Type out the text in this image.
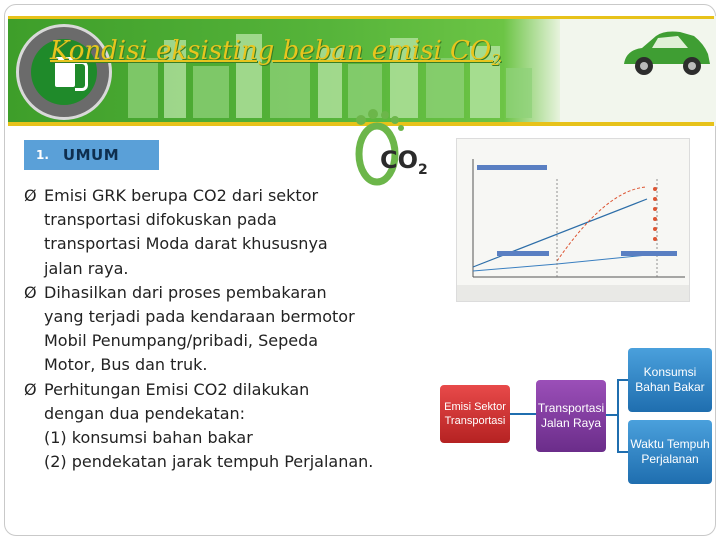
Kondisi eksisting beban emisi $CO_2$
1. UMUM	$CO_2$
Ø Emisi GRK berupa CO2 dari sektor
transportasi difokuskan pada
transportasi Moda darat khususnya
jalan raya.
Ø Dihasilkan dari proses pembakaran
yang terjadi pada kendaraan bermotor
Mobil Penumpang/pribadi, Sepeda
Motor, Bus dan truk.
Ø Perhitungan Emisi CO2 dilakukan
dengan dua pendekatan:
(1) konsumsi bahan bakar
(2) pendekatan jarak tempuh Perjalanan.
Emisi Sektor Transportasi
Transportasi Jalan Raya
Konsumsi Bahan Bakar
Waktu Tempuh Perjalanan
